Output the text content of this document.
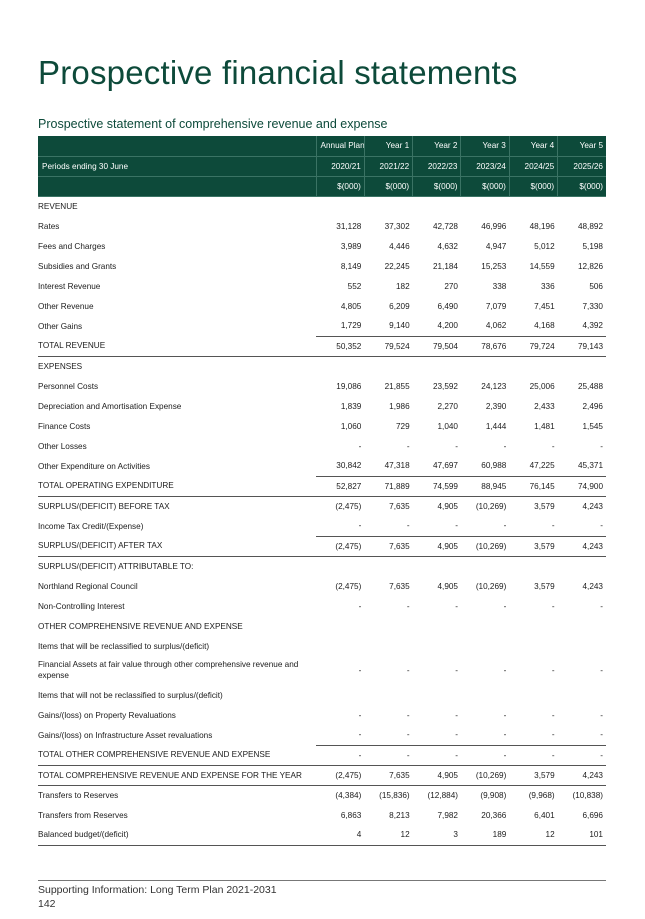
Prospective financial statements
Prospective statement of comprehensive revenue and expense
	Annual Plan	Year 1	Year 2	Year 3	Year 4	Year 5
Periods ending 30 June	2020/21	2021/22	2022/23	2023/24	2024/25	2025/26
	$(000)	$(000)	$(000)	$(000)	$(000)	$(000)
REVENUE						
Rates	31,128	37,302	42,728	46,996	48,196	48,892
Fees and Charges	3,989	4,446	4,632	4,947	5,012	5,198
Subsidies and Grants	8,149	22,245	21,184	15,253	14,559	12,826
Interest Revenue	552	182	270	338	336	506
Other Revenue	4,805	6,209	6,490	7,079	7,451	7,330
Other Gains	1,729	9,140	4,200	4,062	4,168	4,392
TOTAL REVENUE	50,352	79,524	79,504	78,676	79,724	79,143
EXPENSES						
Personnel Costs	19,086	21,855	23,592	24,123	25,006	25,488
Depreciation and Amortisation Expense	1,839	1,986	2,270	2,390	2,433	2,496
Finance Costs	1,060	729	1,040	1,444	1,481	1,545
Other Losses	-	-	-	-	-	-
Other Expenditure on Activities	30,842	47,318	47,697	60,988	47,225	45,371
TOTAL OPERATING EXPENDITURE	52,827	71,889	74,599	88,945	76,145	74,900
SURPLUS/(DEFICIT) BEFORE TAX	(2,475)	7,635	4,905	(10,269)	3,579	4,243
Income Tax Credit/(Expense)	-	-	-	-	-	-
SURPLUS/(DEFICIT) AFTER TAX	(2,475)	7,635	4,905	(10,269)	3,579	4,243
SURPLUS/(DEFICIT) ATTRIBUTABLE TO:						
Northland Regional Council	(2,475)	7,635	4,905	(10,269)	3,579	4,243
Non-Controlling Interest	-	-	-	-	-	-
OTHER COMPREHENSIVE REVENUE AND EXPENSE						
Items that will be reclassified to surplus/(deficit)						
Financial Assets at fair value through other comprehensive revenue and expense	-	-	-	-	-	-
Items that will not be reclassified to surplus/(deficit)						
Gains/(loss) on Property Revaluations	-	-	-	-	-	-
Gains/(loss) on Infrastructure Asset revaluations	-	-	-	-	-	-
TOTAL OTHER COMPREHENSIVE REVENUE AND EXPENSE	-	-	-	-	-	-
TOTAL COMPREHENSIVE REVENUE AND EXPENSE FOR THE YEAR	(2,475)	7,635	4,905	(10,269)	3,579	4,243
Transfers to Reserves	(4,384)	(15,836)	(12,884)	(9,908)	(9,968)	(10,838)
Transfers from Reserves	6,863	8,213	7,982	20,366	6,401	6,696
Balanced budget/(deficit)	4	12	3	189	12	101
Supporting Information: Long Term Plan 2021-2031
142
